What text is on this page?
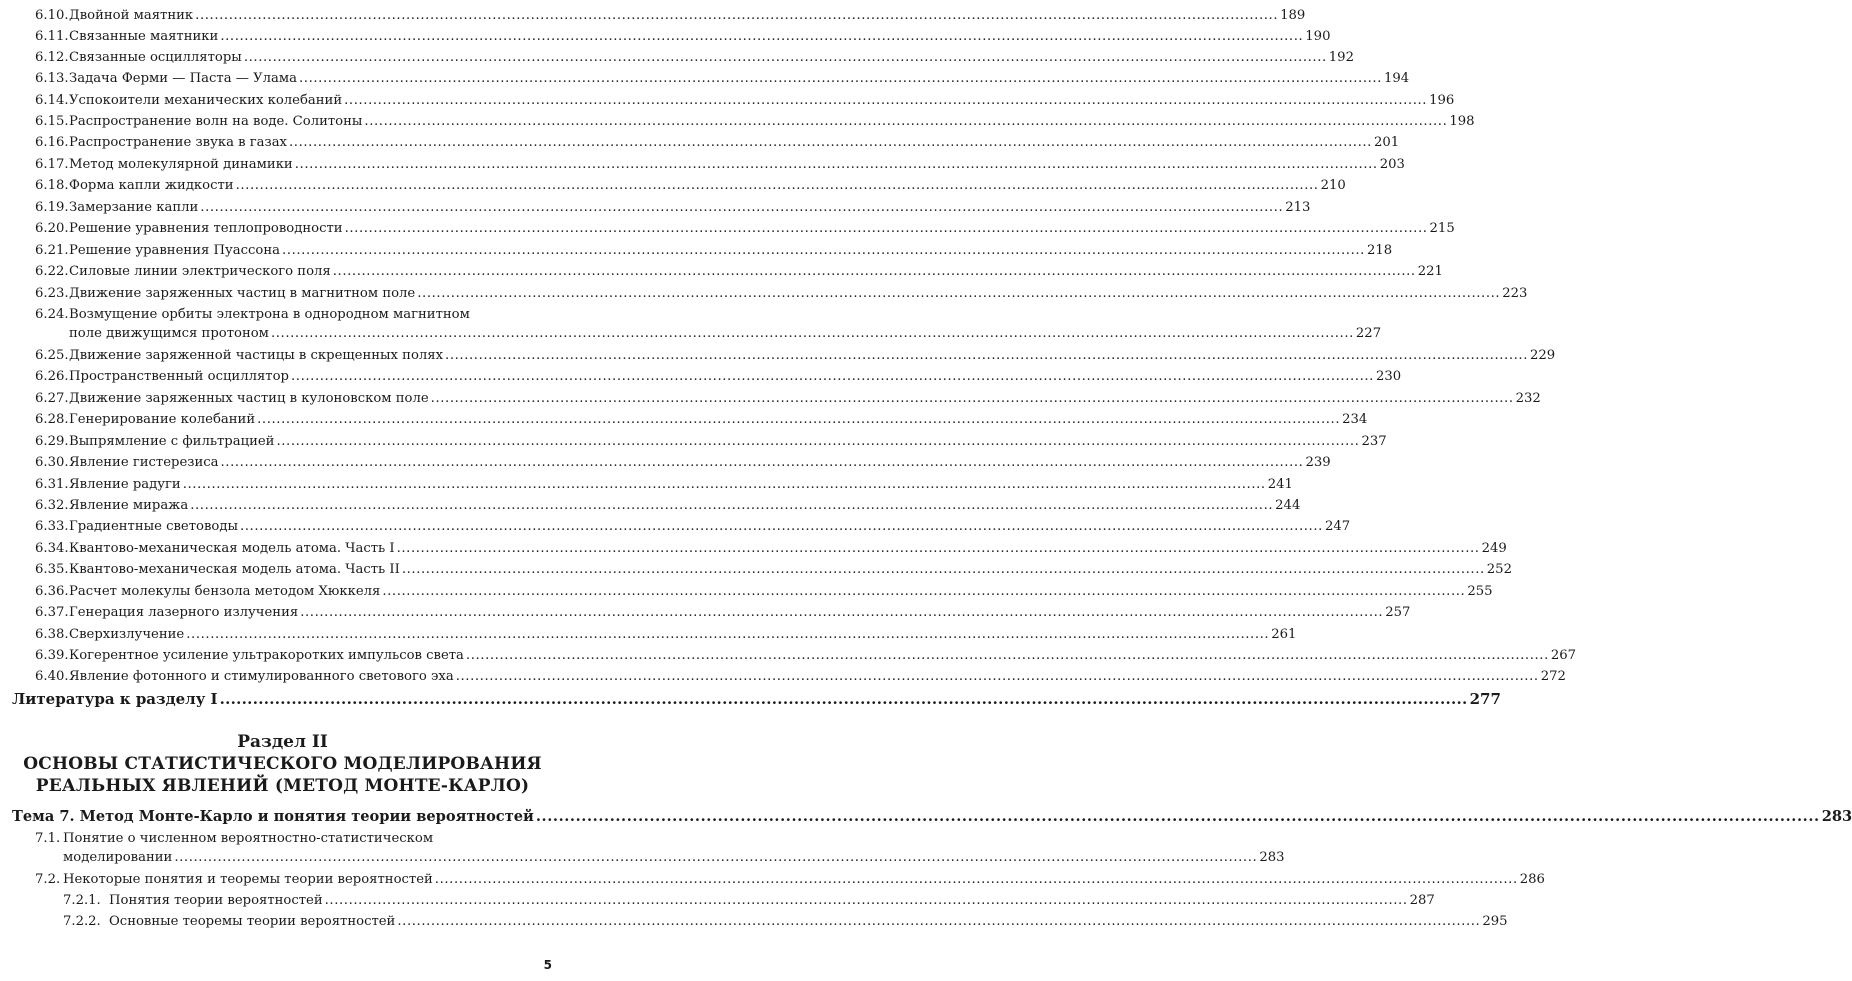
6.10. Двойной маятник .....	189
6.11. Связанные маятники .....	190
6.12. Связанные осцилляторы .....	192
6.13. Задача Ферми — Паста — Улама .....	194
6.14. Успокоители механических колебаний .....	196
6.15. Распространение волн на воде. Солитоны .....	198
6.16. Распространение звука в газах .....	201
6.17. Метод молекулярной динамики .....	203
6.18. Форма капли жидкости .....	210
6.19. Замерзание капли .....	213
6.20. Решение уравнения теплопроводности .....	215
6.21. Решение уравнения Пуассона .....	218
6.22. Силовые линии электрического поля .....	221
6.23. Движение заряженных частиц в магнитном поле .....	223
6.24.Возмущение орбиты электрона в однородном магнитном
поле движущимся протоном .....	227
6.25. Движение заряженной частицы в скрещенных полях .....	229
6.26. Пространственный осциллятор .....	230
6.27. Движение заряженных частиц в кулоновском поле .....	232
6.28. Генерирование колебаний .....	234
6.29. Выпрямление с фильтрацией .....	237
6.30. Явление гистерезиса .....	239
6.31. Явление радуги .....	241
6.32. Явление миража .....	244
6.33. Градиентные световоды .....	247
6.34. Квантово-механическая модель атома. Часть I .....	249
6.35. Квантово-механическая модель атома. Часть II .....	252
6.36. Расчет молекулы бензола методом Хюккеля .....	255
6.37. Генерация лазерного излучения .....	257
6.38. Сверхизлучение .....	261
6.39. Когерентное усиление ультракоротких импульсов света .....	267
6.40. Явление фотонного и стимулированного светового эха .....	272
Литература к разделу I .....	277
Раздел II
ОСНОВЫ СТАТИСТИЧЕСКОГО МОДЕЛИРОВАНИЯ
РЕАЛЬНЫХ ЯВЛЕНИЙ (МЕТОД МОНТЕ-КАРЛО)
Тема 7. Метод Монте-Карло и понятия теории вероятностей .....	283
7.1. Понятие о численном вероятностно-статистическом
моделировании .....	283
7.2. Некоторые понятия и теоремы теории вероятностей .....	286
7.2.1. Понятия теории вероятностей .....	287
7.2.2. Основные теоремы теории вероятностей .....	295
5
